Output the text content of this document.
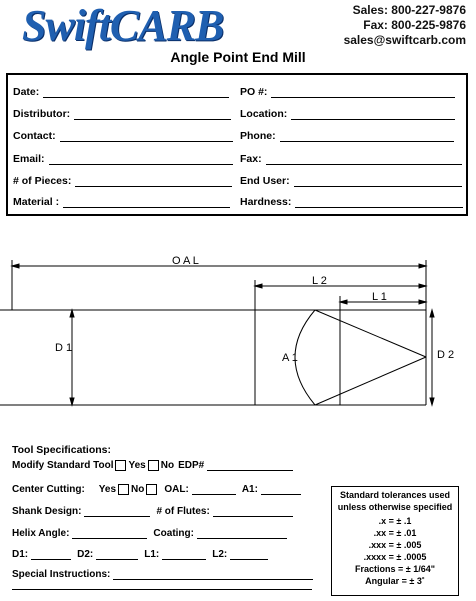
SwiftCARB	Sales: 800-227-9876
Fax: 800-225-9876
sales@swiftcarb.com
Angle Point End Mill
Date:	PO #:
Distributor:	Location:
Contact:	Phone:
Email:	Fax:
# of Pieces:	End User:
Material :	Hardness:
O A L
L 2
L 1
D 1
D 2
A 1
Tool Specifications:
Modify Standard Tool Yes No EDP#
Center Cutting: Yes No OAL:	A1:
Shank Design:	# of Flutes:
Helix Angle:	Coating:
D1:	D2:	L1:	L2:
Special Instructions:
Standard tolerances used
unless otherwise specified
.x = ± .1
.xx = ± .01
.xxx = ± .005
.xxxx = ± .0005
Fractions = ± 1/64"
Angular = ± 3˚
